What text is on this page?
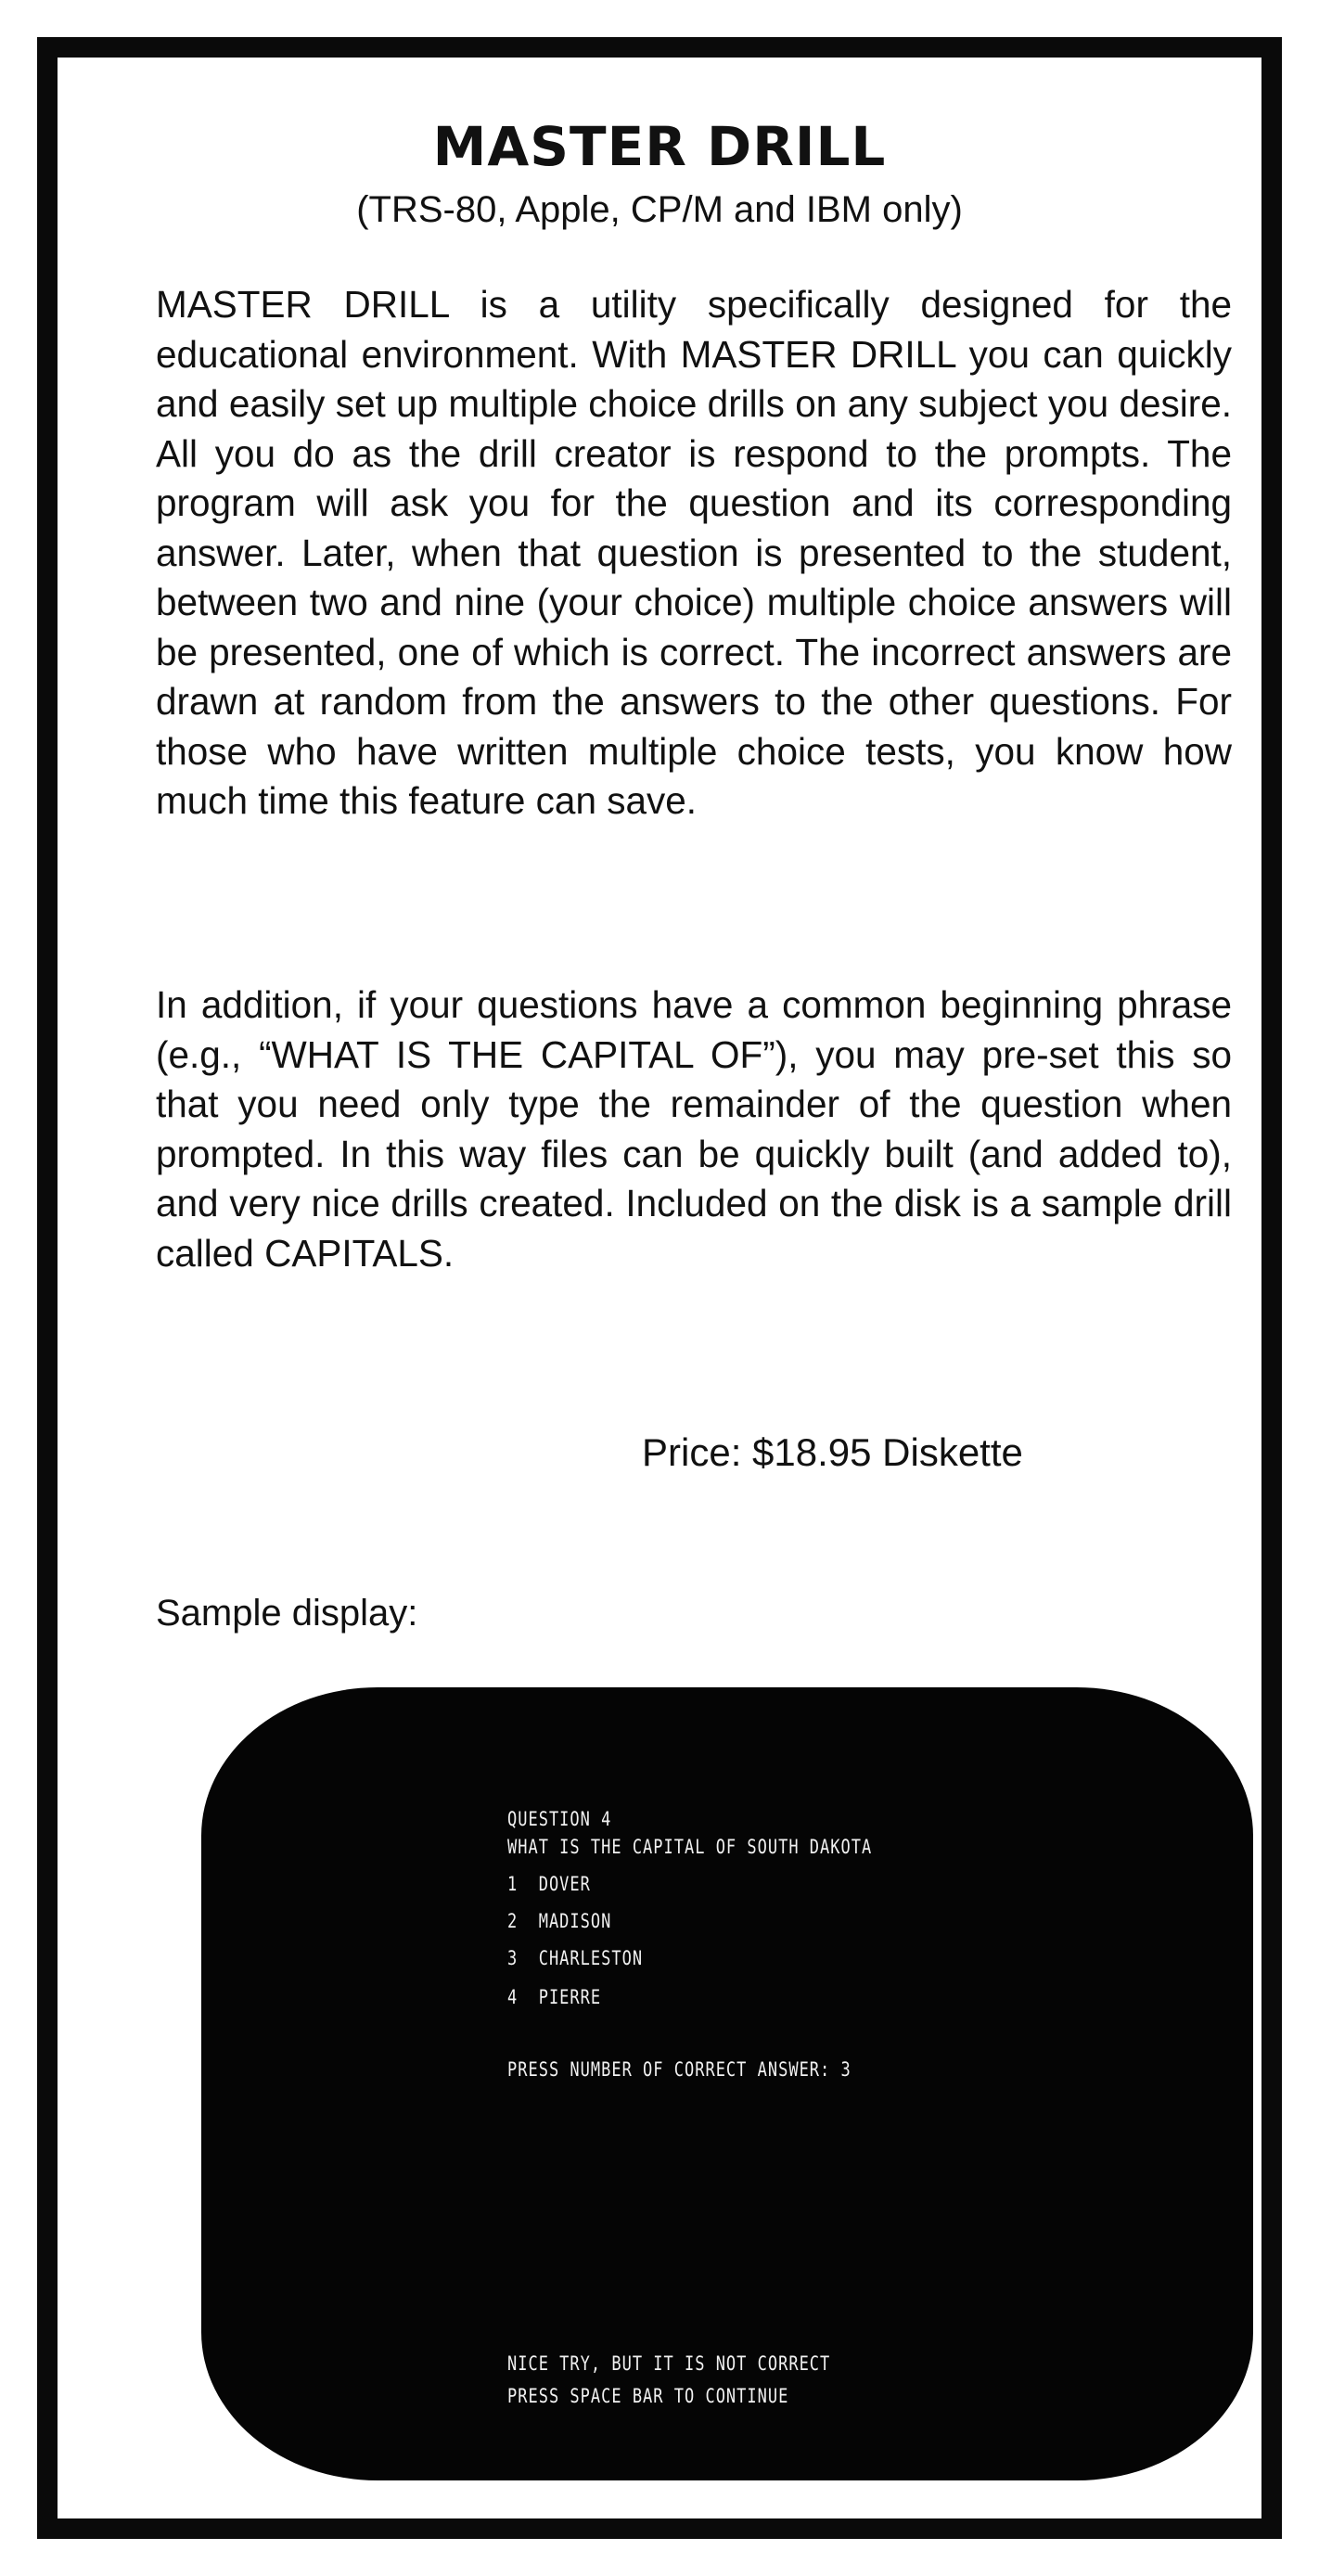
MASTER DRILL
(TRS-80, Apple, CP/M and IBM only)

MASTER DRILL is a utility specifically designed for the educational environment. With MASTER DRILL you can quickly and easily set up multiple choice drills on any subject you desire. All you do as the drill creator is respond to the prompts. The program will ask you for the question and its corresponding answer. Later, when that question is presented to the student, between two and nine (your choice) multiple choice answers will be presented, one of which is correct. The incorrect answers are drawn at random from the answers to the other questions. For those who have written multiple choice tests, you know how much time this feature can save.

In addition, if your questions have a common beginning phrase (e.g., “WHAT IS THE CAPITAL OF”), you may pre-set this so that you need only type the remainder of the question when prompted. In this way files can be quickly built (and added to), and very nice drills created. Included on the disk is a sample drill called CAPITALS.

Price: $18.95 Diskette
Sample display:
QUESTION 4
WHAT IS THE CAPITAL OF SOUTH DAKOTA
1  DOVER
2  MADISON
3  CHARLESTON
4  PIERRE
PRESS NUMBER OF CORRECT ANSWER: 3
NICE TRY, BUT IT IS NOT CORRECT
PRESS SPACE BAR TO CONTINUE
